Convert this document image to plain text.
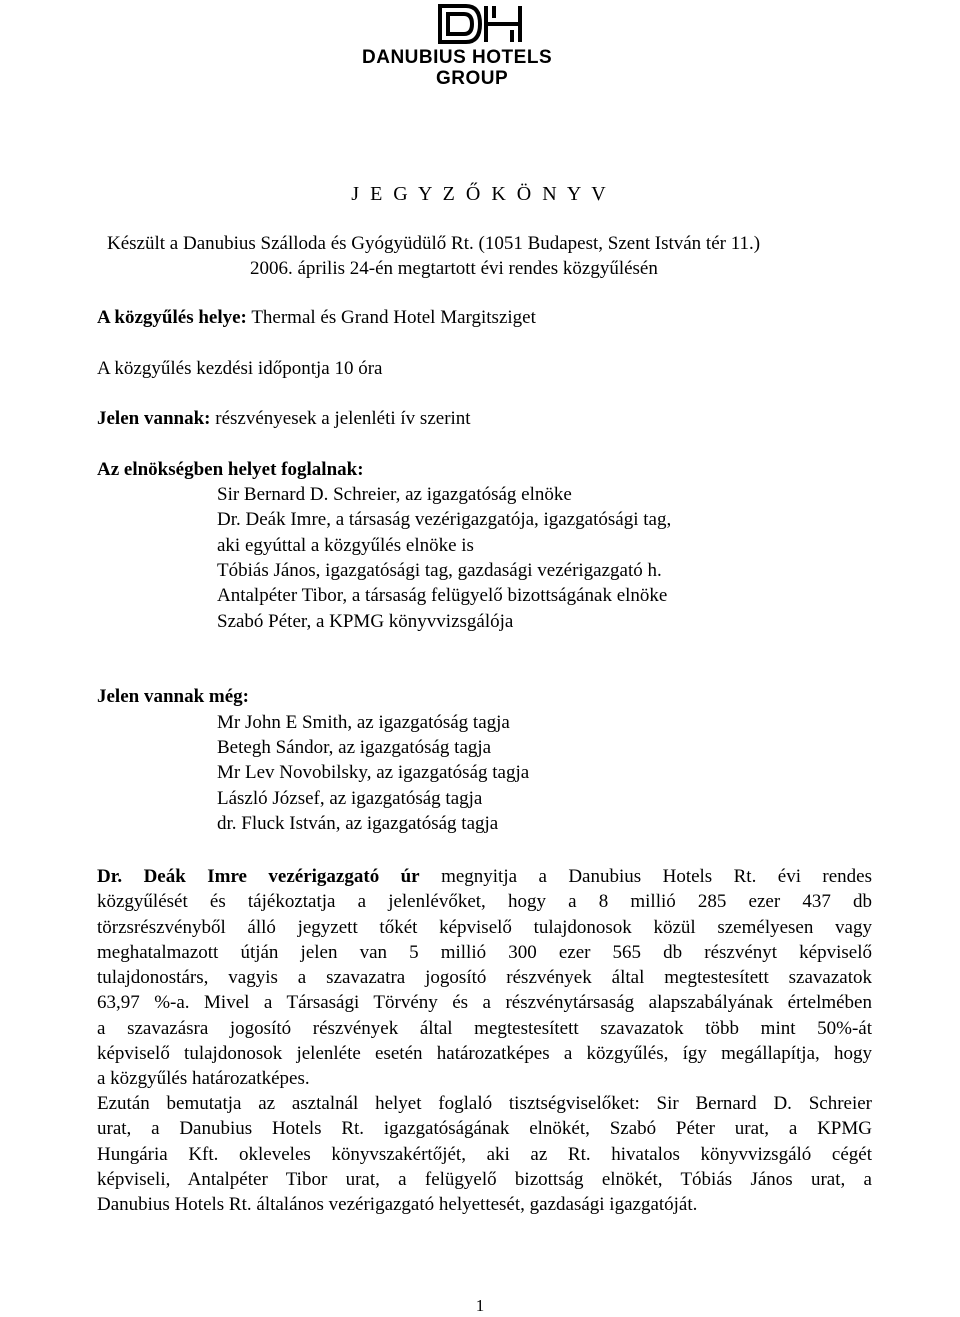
DANUBIUS HOTELS
GROUP
J E G Y Z Ő K Ö N Y V
Készült a Danubius Szálloda és Gyógyüdülő Rt. (1051 Budapest, Szent István tér 11.)
2006. április 24-én megtartott évi rendes közgyűlésén
A közgyűlés helye: Thermal és Grand Hotel Margitsziget
A közgyűlés kezdési időpontja 10 óra
Jelen vannak: részvényesek a jelenléti ív szerint
Az elnökségben helyet foglalnak:
Sir Bernard D. Schreier, az igazgatóság elnöke
Dr. Deák Imre, a társaság vezérigazgatója, igazgatósági tag,
aki egyúttal a közgyűlés elnöke is
Tóbiás János, igazgatósági tag, gazdasági vezérigazgató h.
Antalpéter Tibor, a társaság felügyelő bizottságának elnöke
Szabó Péter, a KPMG könyvvizsgálója
Jelen vannak még:
Mr John E Smith, az igazgatóság tagja
Betegh Sándor, az igazgatóság tagja
Mr Lev Novobilsky, az igazgatóság tagja
László József, az igazgatóság tagja
dr. Fluck István, az igazgatóság tagja
Dr. Deák Imre vezérigazgató úr megnyitja a Danubius Hotels Rt. évi rendes
közgyűlését és tájékoztatja a jelenlévőket, hogy a 8 millió 285 ezer 437 db
törzsrészvényből álló jegyzett tőkét képviselő tulajdonosok közül személyesen vagy
meghatalmazott útján jelen van 5 millió 300 ezer 565 db részvényt képviselő
tulajdonostárs, vagyis a szavazatra jogosító részvények által megtestesített szavazatok
63,97 %-a. Mivel a Társasági Törvény és a részvénytársaság alapszabályának értelmében
a szavazásra jogosító részvények által megtestesített szavazatok több mint 50%-át
képviselő tulajdonosok jelenléte esetén határozatképes a közgyűlés, így megállapítja, hogy
a közgyűlés határozatképes.
Ezután bemutatja az asztalnál helyet foglaló tisztségviselőket: Sir Bernard D. Schreier
urat, a Danubius Hotels Rt. igazgatóságának elnökét, Szabó Péter urat, a KPMG
Hungária Kft. okleveles könyvszakértőjét, aki az Rt. hivatalos könyvvizsgáló cégét
képviseli, Antalpéter Tibor urat, a felügyelő bizottság elnökét, Tóbiás János urat, a
Danubius Hotels Rt. általános vezérigazgató helyettesét, gazdasági igazgatóját.
1
